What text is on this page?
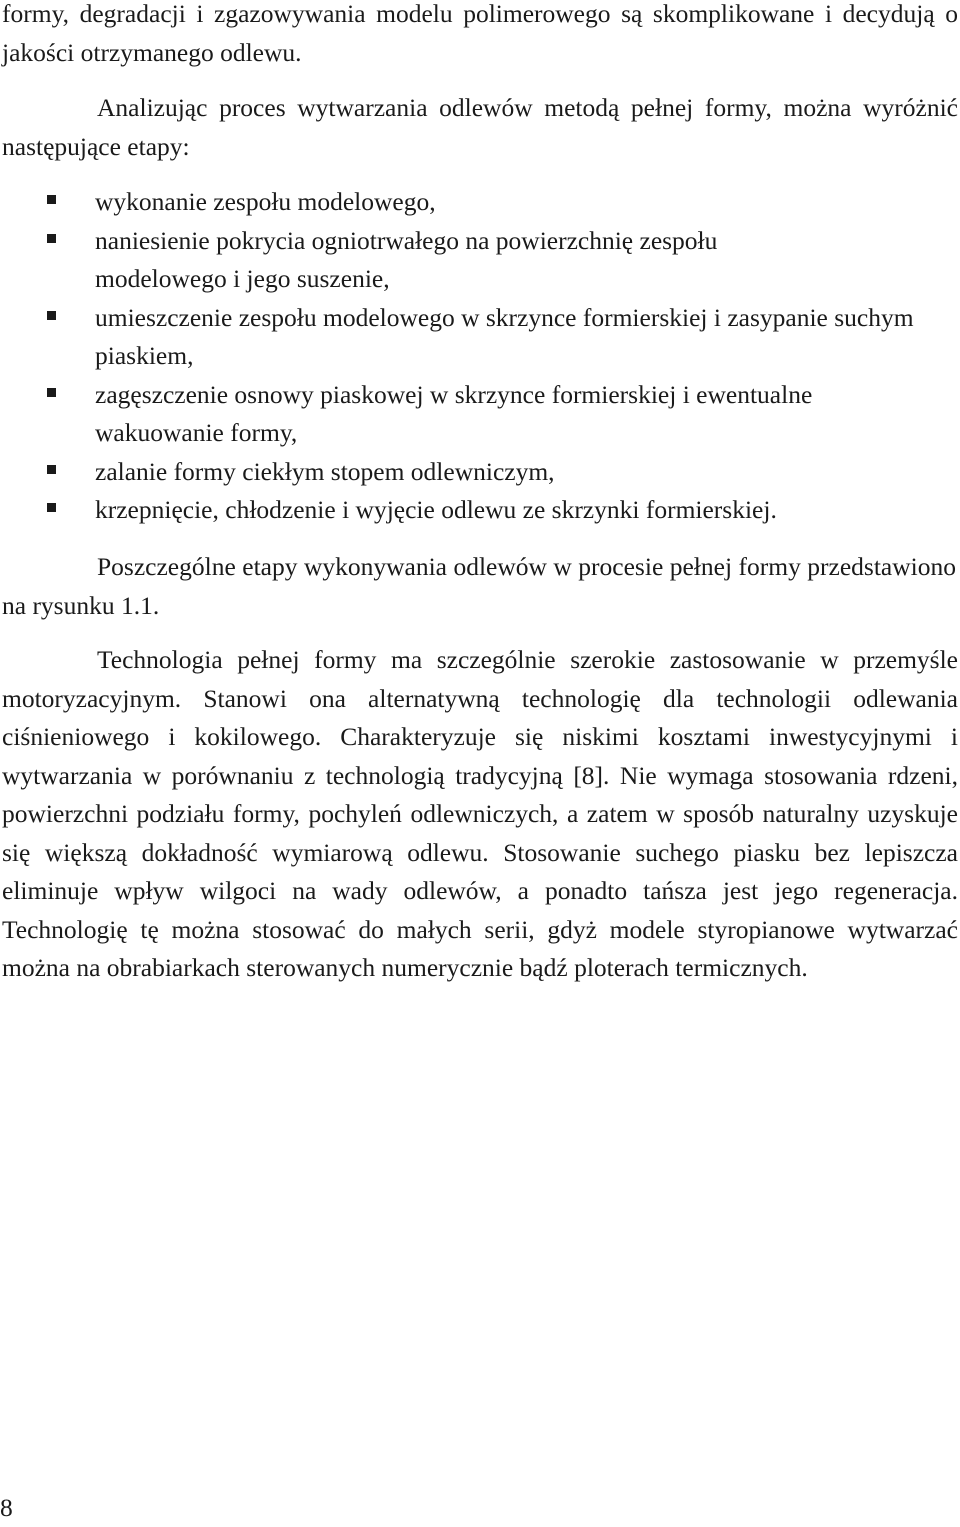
formy, degradacji i zgazowywania modelu polimerowego są skomplikowane i decydują o jakości otrzymanego odlewu.

Analizując proces wytwarzania odlewów metodą pełnej formy, można wyróżnić następujące etapy:

wykonanie zespołu modelowego,
naniesienie pokrycia ogniotrwałego na powierzchnię zespołu modelowego i jego suszenie,
umieszczenie zespołu modelowego w skrzynce formierskiej i zasypanie suchym piaskiem,
zagęszczenie osnowy piaskowej w skrzynce formierskiej i ewentualne wakuowanie formy,
zalanie formy ciekłym stopem odlewniczym,
krzepnięcie, chłodzenie i wyjęcie odlewu ze skrzynki formierskiej.

Poszczególne etapy wykonywania odlewów w procesie pełnej formy przedstawiono na rysunku 1.1.

Technologia pełnej formy ma szczególnie szerokie zastosowanie w przemyśle motoryzacyjnym. Stanowi ona alternatywną technologię dla technologii odlewania ciśnieniowego i kokilowego. Charakteryzuje się niskimi kosztami inwestycyjnymi i wytwarzania w porównaniu z technologią tradycyjną [8]. Nie wymaga stosowania rdzeni, powierzchni podziału formy, pochyleń odlewniczych, a zatem w sposób naturalny uzyskuje się większą dokładność wymiarową odlewu. Stosowanie suchego piasku bez lepiszcza eliminuje wpływ wilgoci na wady odlewów, a ponadto tańsza jest jego regeneracja. Technologię tę można stosować do małych serii, gdyż modele styropianowe wytwarzać można na obrabiarkach sterowanych numerycznie bądź ploterach termicznych.

8
